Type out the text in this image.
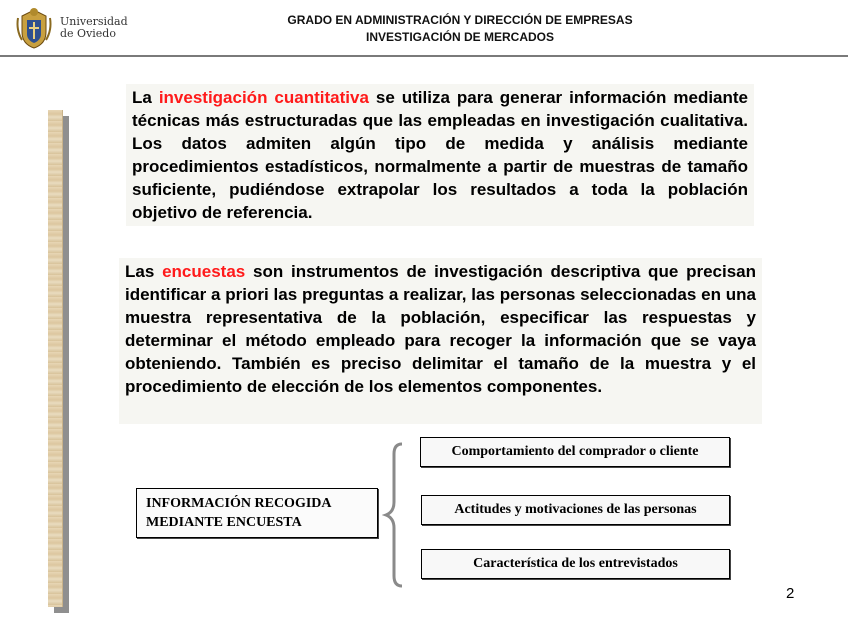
Universidad
de Oviedo
GRADO EN ADMINISTRACIÓN Y DIRECCIÓN DE EMPRESAS
INVESTIGACIÓN DE MERCADOS
La investigación cuantitativa se utiliza para generar información mediante técnicas más estructuradas que las empleadas en investigación cualitativa. Los datos admiten algún tipo de medida y análisis mediante procedimientos estadísticos, normalmente a partir de muestras de tamaño suficiente, pudiéndose extrapolar los resultados a toda la población objetivo de referencia.
Las encuestas son instrumentos de investigación descriptiva que precisan identificar a priori las preguntas a realizar, las personas seleccionadas en una muestra representativa de la población, especificar las respuestas y determinar el método empleado para recoger la información que se vaya obteniendo. También es preciso delimitar el tamaño de la muestra y el procedimiento de elección de los elementos componentes.
INFORMACIÓN RECOGIDA
MEDIANTE ENCUESTA
Comportamiento del comprador o cliente
Actitudes y motivaciones de las personas
Característica de los entrevistados
2
